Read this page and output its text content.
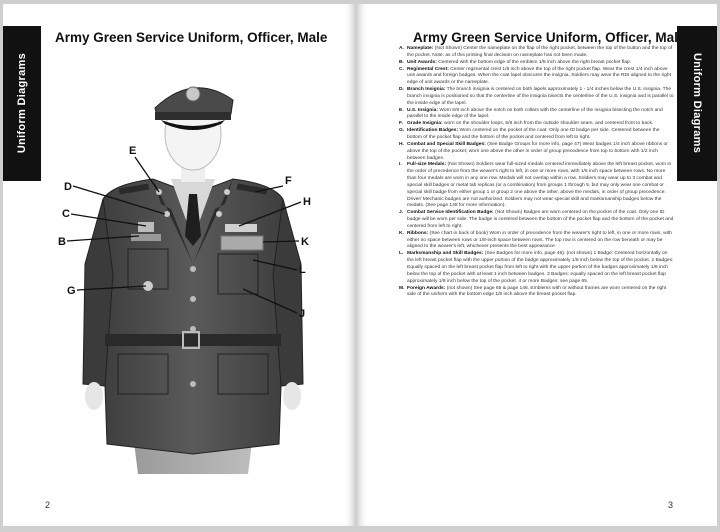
Uniform Diagrams
Army Green Service Uniform, Officer, Male
E
D
C
B
G
F
H
K
L
J
2
Uniform Diagrams
Army Green Service Uniform, Officer, Male

A. Nameplate: (Not Shown) Center the nameplate on the flap of the right pocket, between the top of the button and the top of the pocket. Note: as of this printing final decision on nameplate has not been made.

B. Unit Awards: Centered with the bottom edge of the emblem 1/8 inch above the right breast pocket flap.

C. Regimental Crest: Center regimental crest 1/8 inch above the top of the right pocket flap. Wear the crest 1/4 inch above unit awards and foreign badges. When the coat lapel obscures the insignia, Soldiers may wear the RDI aligned to the right edge of unit awards or the nameplate.

D. Branch Insignia: The branch insignia is centered on both lapels approximately 1 - 1/4 inches below the U.S. insignia. The branch insignia is positioned so that the centerline of the insignia bisects the centerline of the U.S. insignia and is parallel to the inside edge of the lapel.

E. U.S. Insignia: Worn 5/8 inch above the notch on both collars with the centerline of the insignia bisecting the notch and parallel to the inside edge of the lapel.

F. Grade Insignia: worn on the shoulder loops, 5/8 inch from the outside shoulder seam, and centered front to back.

G. Identification Badges: Worn centered on the pocket of the coat. Only one ID badge per side. Centered between the bottom of the pocket flap and the bottom of the pocket and centered from left to right.

H. Combat and Special Skill Badges: (See Badge Groups for more info, page 47) Wear badges 1/4 inch above ribbons or above the top of the pocket; worn one above the other in order of group precedence from top to bottom with 1/2 inch between badges.

I. Full-size Medals: (Not Shown) Soldiers wear full-sized medals centered immediately above the left breast pocket, worn in the order of precedence from the wearer's right to left, in one or more rows, with 1/8 inch space between rows. No more than four medals are worn in any one row. Medals will not overlap within a row. Soldiers may wear up to 3 combat and special skill badges or metal tab replicas (or a combination) from groups 1 through 5, but may only wear one combat or special skill badge from either group 1 or group 2 one above the other, above the medals, in order of group precedence. Driver/ Mechanic badges are not authorized. Soldiers may not wear special skill and marksmanship badges below the medals. (See page 148 for more information).

J. Combat Service Identification Badge: (Not Shown) Badges are worn centered on the pocket of the coat. Only one ID badge will be worn per side. The badge is centered between the bottom of the pocket flap and the bottom of the pocket and centered from left to right.

K. Ribbons: (See chart in back of book) Worn in order of precedence from the wearer's right to left, in one or more rows, with either no space between rows or 1/8-inch space between rows. The top row is centered on the row beneath or may be aligned to the wearer's left, whichever presents the best appearance.

L. Marksmanship and Skill Badges: (See Badges for more info, page 46). (not shown) 1 Badge: Centered horizontally on the left breast pocket flap with the upper portion of the badge approximately 1/8 inch below the top of the pocket. 2 Badges: Equally spaced on the left breast pocket flap from left to right with the upper portion of the badges approximately 1/8 inch below the top of the pocket with at least 1 inch between badges. 3 Badges: equally spaced on the left breast pocket flap approximately 1/8 inch below the top of the pocket. 4 or more Badges: see page 65.

M. Foreign Awards: (not shown) See page 65 & page 146. Emblems with or without frames are worn centered on the right side of the uniform with the bottom edge 1/8 inch above the breast pocket flap.

3
